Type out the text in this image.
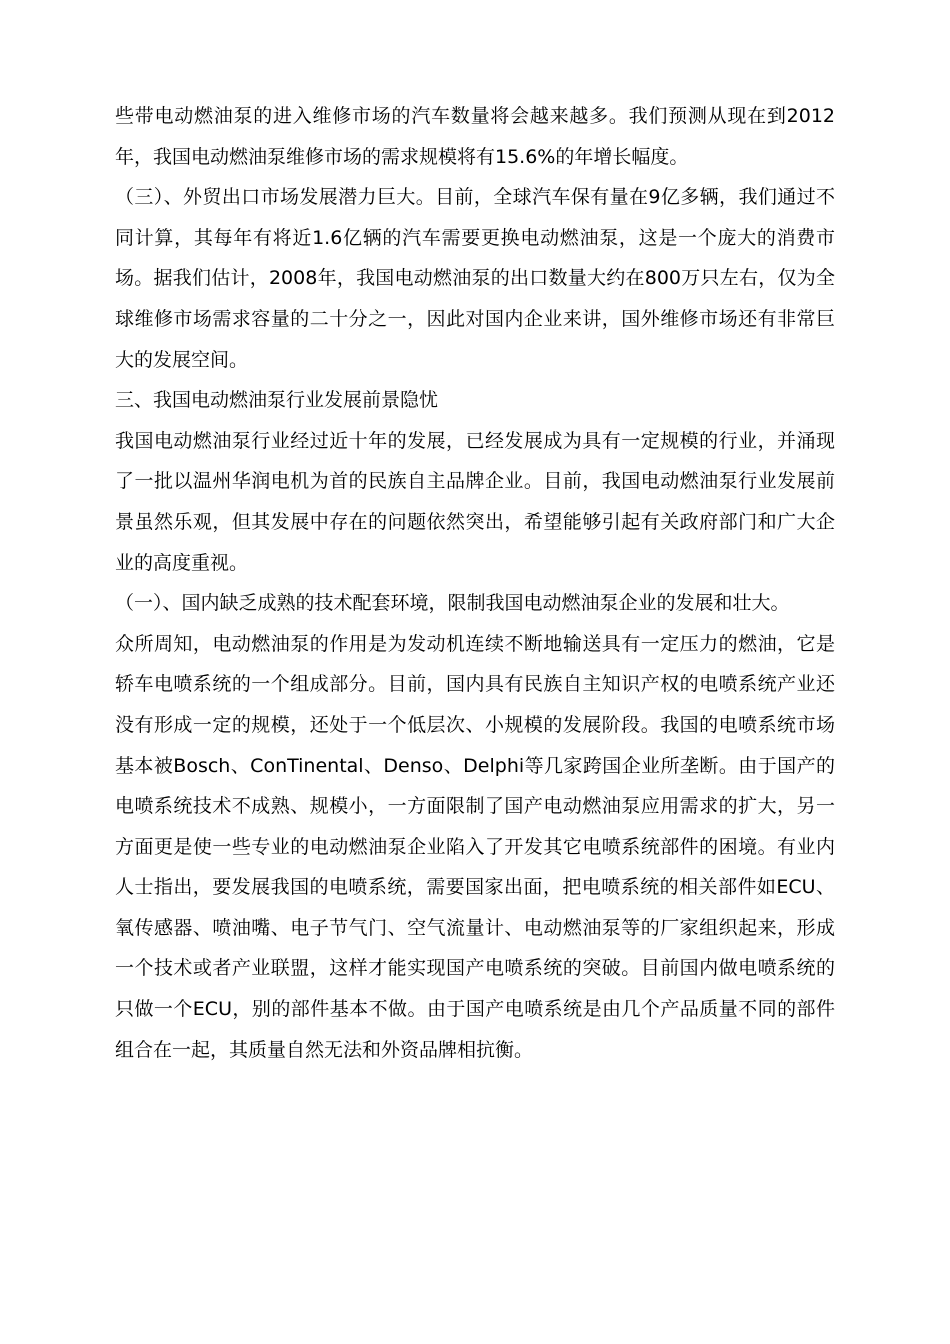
些带电动燃油泵的进入维修市场的汽车数量将会越来越多。我们预测从现在到2012年，我国电动燃油泵维修市场的需求规模将有15.6%的年增长幅度。

（三）、外贸出口市场发展潜力巨大。目前，全球汽车保有量在9亿多辆，我们通过不同计算，其每年有将近1.6亿辆的汽车需要更换电动燃油泵，这是一个庞大的消费市场。据我们估计，2008年，我国电动燃油泵的出口数量大约在800万只左右，仅为全球维修市场需求容量的二十分之一，因此对国内企业来讲，国外维修市场还有非常巨大的发展空间。

三、我国电动燃油泵行业发展前景隐忧

我国电动燃油泵行业经过近十年的发展，已经发展成为具有一定规模的行业，并涌现了一批以温州华润电机为首的民族自主品牌企业。目前，我国电动燃油泵行业发展前景虽然乐观，但其发展中存在的问题依然突出，希望能够引起有关政府部门和广大企业的高度重视。

（一）、国内缺乏成熟的技术配套环境，限制我国电动燃油泵企业的发展和壮大。

众所周知，电动燃油泵的作用是为发动机连续不断地输送具有一定压力的燃油，它是轿车电喷系统的一个组成部分。目前，国内具有民族自主知识产权的电喷系统产业还没有形成一定的规模，还处于一个低层次、小规模的发展阶段。我国的电喷系统市场基本被Bosch、ConTinental、Denso、Delphi等几家跨国企业所垄断。由于国产的电喷系统技术不成熟、规模小，一方面限制了国产电动燃油泵应用需求的扩大，另一方面更是使一些专业的电动燃油泵企业陷入了开发其它电喷系统部件的困境。有业内人士指出，要发展我国的电喷系统，需要国家出面，把电喷系统的相关部件如ECU、氧传感器、喷油嘴、电子节气门、空气流量计、电动燃油泵等的厂家组织起来，形成一个技术或者产业联盟，这样才能实现国产电喷系统的突破。目前国内做电喷系统的只做一个ECU，别的部件基本不做。由于国产电喷系统是由几个产品质量不同的部件组合在一起，其质量自然无法和外资品牌相抗衡。
